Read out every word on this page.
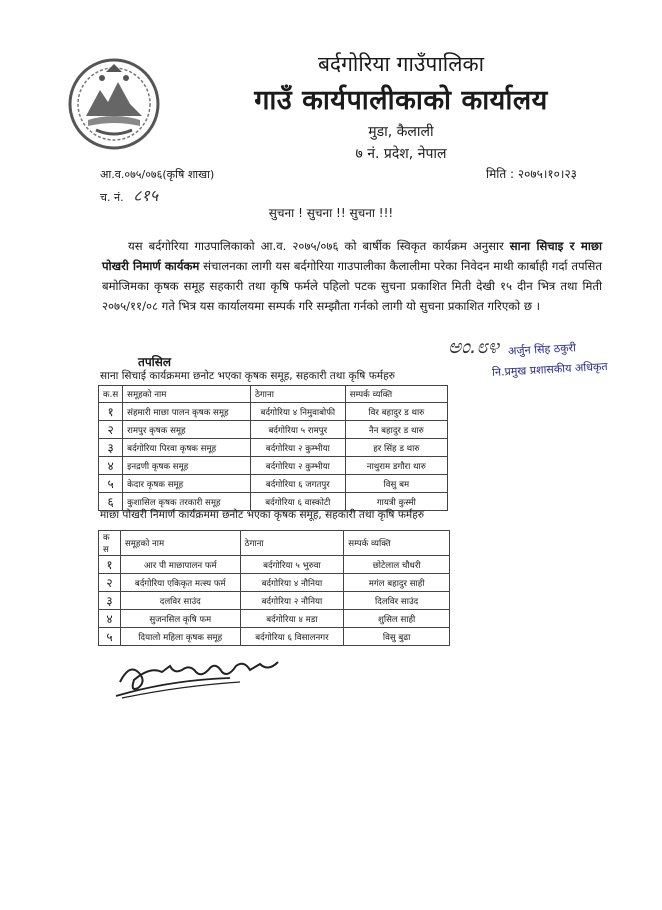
बर्दगोरिया गाउँपालिका
गाउँ कार्यपालीकाको कार्यालय
मुडा, कैलाली
७ नं. प्रदेश, नेपाल
आ.व.०७५/०७६(कृषि शाखा)
च. नं. ८१५
मिति : २०७५।१०।२३
सुचना ! सुचना !! सुचना !!!
यस बर्दगोरिया गाउपालिकाको आ.व. २०७५/०७६ को बार्षीक स्विकृत कार्यक्रम अनुसार साना सिचाइ र माछा पोखरी निमार्ण कार्यकम संचालनका लागी यस बर्दगोरिया गाउपालीका कैलालीमा परेका निवेदन माथी कार्बाही गर्दा तपसित बमोजिमका कृषक समूह सहकारी तथा कृषि फर्मले पहिलो पटक सुचना प्रकाशित मिती देखी १५ दीन भित्र तथा मिती २०७५/११/०८ गते भित्र यस कार्यालयमा सम्पर्क गरि सम्झौता गर्नको लागी यो सुचना प्रकाशित गरिएको छ ।
ಅಂ.೮೪ अर्जुन सिंह ठकुरी
नि.प्रमुख प्रशासकीय अधिकृत
तपसिल
साना सिचाई कार्यक्रममा छनोट भएका कृषक समूह, सहकारी तथा कृषि फर्महरु
क.स	समूहको नाम	ठेगाना	सम्पर्क व्यक्ति
१	संहमारी माछा पालन कृषक समूह	बर्दगोरिया ४ निमुवाबोफी	विर बहादुर ड थारु
२	रामपुर कृषक समूह	बर्दगोरिया ५ रामपुर	नैन बहादुर ड थारु
३	बर्दगोरिया पिरवा कृषक समूह	बर्दगोरिया २ कुम्भीया	हर सिंह ड थारु
४	इनद्रणी कृषक समूह	बर्दगोरिया २ कुम्भीया	नाथुराम डगौरा थारु
५	केदार कृषक समूह	बर्दगोरिया ६ जगतपुर	विसु बम
६	कुशासिल कृषक तरकारी समूह	बर्दगोरिया ६ वास्कोटी	गायत्री कुस्मी
माछा पोखरी निमार्ण कार्यक्रममा छनोट भएका कृषक समूह, सहकारी तथा कृषि फर्महरु
क स	समूहको नाम	ठेगाना	सम्पर्क व्यक्ति
१	आर पी माछापालन फर्म	बर्दगोरिया ५ भुरुवा	छोटेलाल चौधरी
२	बर्दगोरिया एकिकृत मत्स्य फर्म	बर्दगोरिया ४ नौनिया	मगंल बहादुर साही
३	दलविर साउंद	बर्दगोरिया २ नौनिया	दिलविर साउंद
४	सुजनसिल कृषि फम	बर्दगोरिया ४ मडा	शुसिल साही
५	दियालो महिला कृषक समूह	बर्दगोरिया ६ विसालनगर	विसु बुढा
